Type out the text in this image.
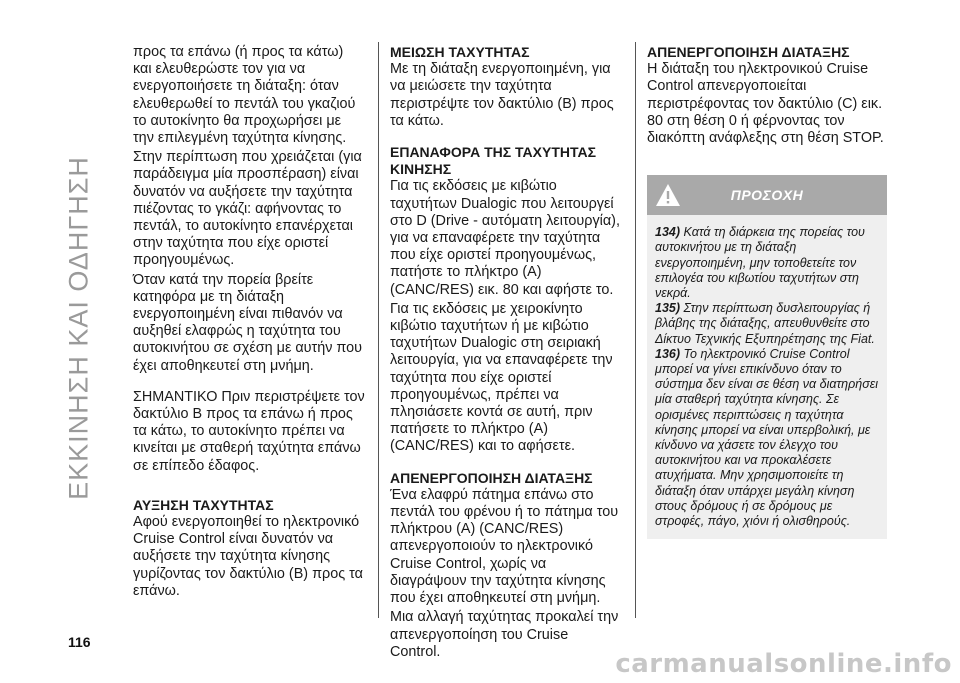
ΕΚΚΙΝΗΣΗ ΚΑΙ ΟΔΗΓΗΣΗ
116

προς τα επάνω (ή προς τα κάτω) και ελευθερώστε τον για να ενεργοποιήσετε τη διάταξη: όταν ελευθερωθεί το πεντάλ του γκαζιού το αυτοκίνητο θα προχωρήσει με την επιλεγμένη ταχύτητα κίνησης.

Στην περίπτωση που χρειάζεται (για παράδειγμα μία προσπέραση) είναι δυνατόν να αυξήσετε την ταχύτητα πιέζοντας το γκάζι: αφήνοντας το πεντάλ, το αυτοκίνητο επανέρχεται στην ταχύτητα που είχε οριστεί προηγουμένως.

Όταν κατά την πορεία βρείτε κατηφόρα με τη διάταξη ενεργοποιημένη είναι πιθανόν να αυξηθεί ελαφρώς η ταχύτητα του αυτοκινήτου σε σχέση με αυτήν που έχει αποθηκευτεί στη μνήμη.

ΣΗΜΑΝΤΙΚΟ Πριν περιστρέψετε τον δακτύλιο B προς τα επάνω ή προς τα κάτω, το αυτοκίνητο πρέπει να κινείται με σταθερή ταχύτητα επάνω σε επίπεδο έδαφος.

ΑΥΞΗΣΗ ΤΑΧΥΤΗΤΑΣ

Αφού ενεργοποιηθεί το ηλεκτρονικό Cruise Control είναι δυνατόν να αυξήσετε την ταχύτητα κίνησης γυρίζοντας τον δακτύλιο (B) προς τα επάνω.

ΜΕΙΩΣΗ ΤΑΧΥΤΗΤΑΣ

Με τη διάταξη ενεργοποιημένη, για να μειώσετε την ταχύτητα περιστρέψτε τον δακτύλιο (B) προς τα κάτω.

ΕΠΑΝΑΦΟΡΑ ΤΗΣ ΤΑΧΥΤΗΤΑΣ ΚΙΝΗΣΗΣ

Για τις εκδόσεις με κιβώτιο ταχυτήτων Dualogic που λειτουργεί στο D (Drive - αυτόματη λειτουργία), για να επαναφέρετε την ταχύτητα που είχε οριστεί προηγουμένως, πατήστε το πλήκτρο (A) (CANC/RES) εικ. 80 και αφήστε το.

Για τις εκδόσεις με χειροκίνητο κιβώτιο ταχυτήτων ή με κιβώτιο ταχυτήτων Dualogic στη σειριακή λειτουργία, για να επαναφέρετε την ταχύτητα που είχε οριστεί προηγουμένως, πρέπει να πλησιάσετε κοντά σε αυτή, πριν πατήσετε το πλήκτρο (A) (CANC/RES) και το αφήσετε.

ΑΠΕΝΕΡΓΟΠΟΙΗΣΗ ΔΙΑΤΑΞΗΣ

Ένα ελαφρύ πάτημα επάνω στο πεντάλ του φρένου ή το πάτημα του πλήκτρου (A) (CANC/RES) απενεργοποιούν το ηλεκτρονικό Cruise Control, χωρίς να διαγράψουν την ταχύτητα κίνησης που έχει αποθηκευτεί στη μνήμη.

Μια αλλαγή ταχύτητας προκαλεί την απενεργοποίηση του Cruise Control.

ΑΠΕΝΕΡΓΟΠΟΙΗΣΗ ΔΙΑΤΑΞΗΣ

Η διάταξη του ηλεκτρονικού Cruise Control απενεργοποιείται περιστρέφοντας τον δακτύλιο (C) εικ. 80 στη θέση 0 ή φέρνοντας τον διακόπτη ανάφλεξης στη θέση STOP.

ΠΡΟΣΟΧΗ

134) Κατά τη διάρκεια της πορείας του αυτοκινήτου με τη διάταξη ενεργοποιημένη, μην τοποθετείτε τον επιλογέα του κιβωτίου ταχυτήτων στη νεκρά.

135) Στην περίπτωση δυσλειτουργίας ή βλάβης της διάταξης, απευθυνθείτε στο Δίκτυο Τεχνικής Εξυπηρέτησης της Fiat.

136) Το ηλεκτρονικό Cruise Control μπορεί να γίνει επικίνδυνο όταν το σύστημα δεν είναι σε θέση να διατηρήσει μία σταθερή ταχύτητα κίνησης. Σε ορισμένες περιπτώσεις η ταχύτητα κίνησης μπορεί να είναι υπερβολική, με κίνδυνο να χάσετε τον έλεγχο του αυτοκινήτου και να προκαλέσετε ατυχήματα. Μην χρησιμοποιείτε τη διάταξη όταν υπάρχει μεγάλη κίνηση στους δρόμους ή σε δρόμους με στροφές, πάγο, χιόνι ή ολισθηρούς.

carmanualsonline.info
